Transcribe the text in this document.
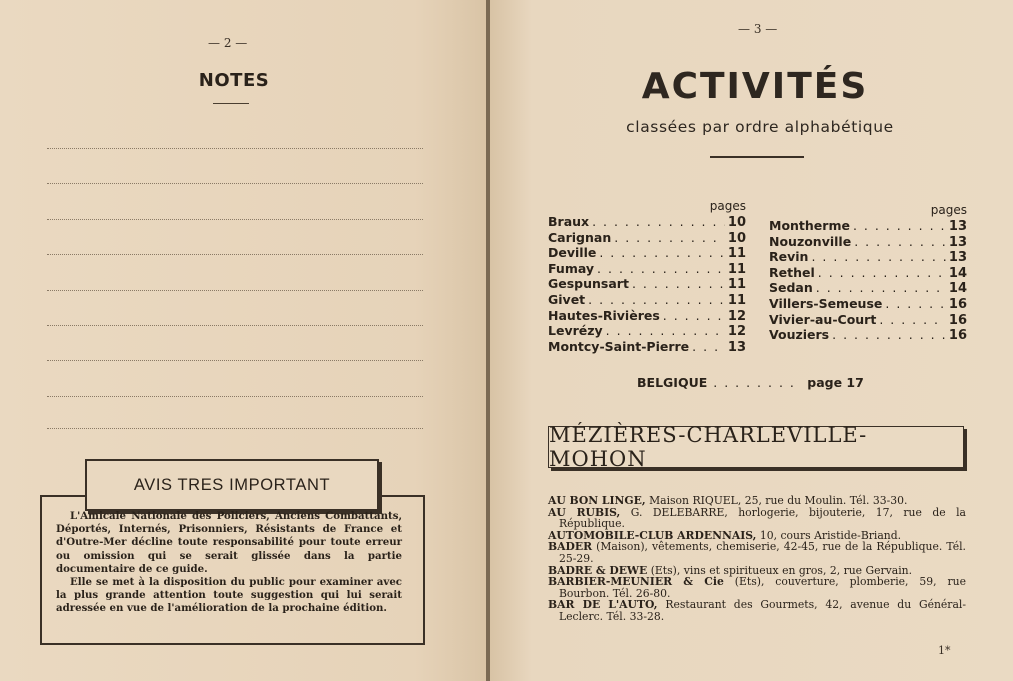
— 2 —
NOTES
AVIS TRES IMPORTANT

L'Amicale Nationale des Policiers, Anciens Combattants, Déportés, Internés, Prisonniers, Résistants de France et d'Outre-Mer décline toute responsabilité pour toute erreur ou omission qui se serait glissée dans la partie documentaire de ce guide.

Elle se met à la disposition du public pour examiner avec la plus grande attention toute suggestion qui lui serait adressée en vue de l'amélioration de la prochaine édition.

— 3 —
ACTIVITÉS
classées par ordre alphabétique
pages
Braux . . .	10
Carignan . . .	10
Deville . . .	11
Fumay . . .	11
Gespunsart . . .	11
Givet . . .	11
Hautes-Rivières . . .	12
Levrézy . . .	12
Montcy-Saint-Pierre . . .	13
pages
Montherme . . .	13
Nouzonville . . .	13
Revin . . .	13
Rethel . . .	14
Sedan . . .	14
Villers-Semeuse . . .	16
Vivier-au-Court . . .	16
Vouziers . . .	16
BELGIQUE . . .	page 17
MÉZIÈRES-CHARLEVILLE-MOHON

AU BON LINGE, Maison RIQUEL, 25, rue du Moulin. Tél. 33-30.

AU RUBIS, G. DELEBARRE, horlogerie, bijouterie, 17, rue de la République.

AUTOMOBILE-CLUB ARDENNAIS, 10, cours Aristide-Briand.

BADER (Maison), vêtements, chemiserie, 42-45, rue de la République. Tél. 25-29.

BADRE & DEWE (Ets), vins et spiritueux en gros, 2, rue Gervain.

BARBIER-MEUNIER & Cie (Ets), couverture, plomberie, 59, rue Bourbon. Tél. 26-80.

BAR DE L'AUTO, Restaurant des Gourmets, 42, avenue du Général-Leclerc. Tél. 33-28.

1*
